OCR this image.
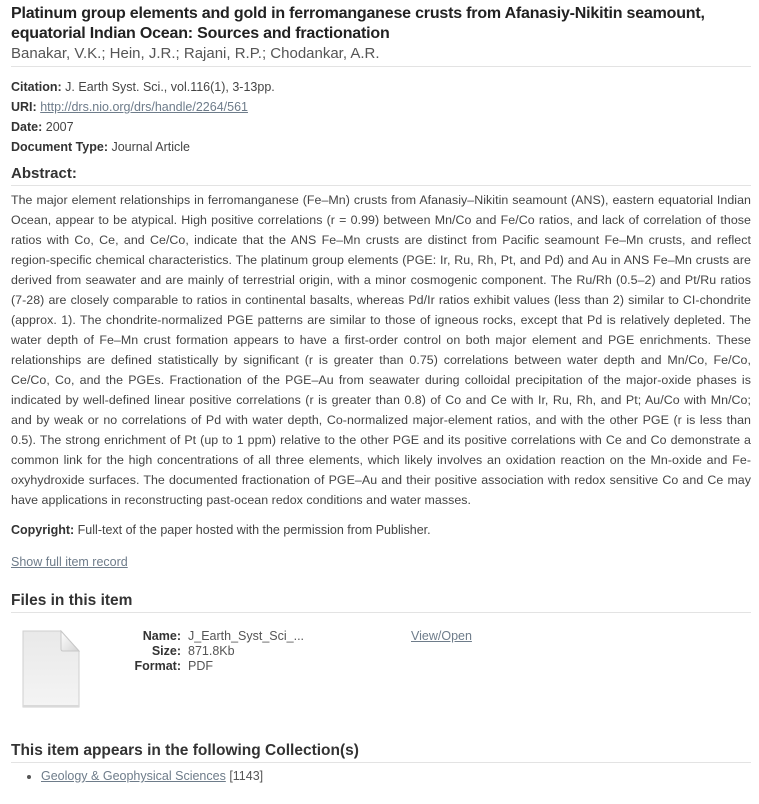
Platinum group elements and gold in ferromanganese crusts from Afanasiy-Nikitin seamount, equatorial Indian Ocean: Sources and fractionation
Banakar, V.K.; Hein, J.R.; Rajani, R.P.; Chodankar, A.R.
Citation: J. Earth Syst. Sci., vol.116(1), 3-13pp.
URI: http://drs.nio.org/drs/handle/2264/561
Date: 2007
Document Type: Journal Article
Abstract:
The major element relationships in ferromanganese (Fe–Mn) crusts from Afanasiy–Nikitin seamount (ANS), eastern equatorial Indian Ocean, appear to be atypical. High positive correlations (r = 0.99) between Mn/Co and Fe/Co ratios, and lack of correlation of those ratios with Co, Ce, and Ce/Co, indicate that the ANS Fe–Mn crusts are distinct from Pacific seamount Fe–Mn crusts, and reflect region-specific chemical characteristics. The platinum group elements (PGE: Ir, Ru, Rh, Pt, and Pd) and Au in ANS Fe–Mn crusts are derived from seawater and are mainly of terrestrial origin, with a minor cosmogenic component. The Ru/Rh (0.5–2) and Pt/Ru ratios (7-28) are closely comparable to ratios in continental basalts, whereas Pd/Ir ratios exhibit values (less than 2) similar to CI-chondrite (approx. 1). The chondrite-normalized PGE patterns are similar to those of igneous rocks, except that Pd is relatively depleted. The water depth of Fe–Mn crust formation appears to have a first-order control on both major element and PGE enrichments. These relationships are defined statistically by significant (r is greater than 0.75) correlations between water depth and Mn/Co, Fe/Co, Ce/Co, Co, and the PGEs. Fractionation of the PGE–Au from seawater during colloidal precipitation of the major-oxide phases is indicated by well-defined linear positive correlations (r is greater than 0.8) of Co and Ce with Ir, Ru, Rh, and Pt; Au/Co with Mn/Co; and by weak or no correlations of Pd with water depth, Co-normalized major-element ratios, and with the other PGE (r is less than 0.5). The strong enrichment of Pt (up to 1 ppm) relative to the other PGE and its positive correlations with Ce and Co demonstrate a common link for the high concentrations of all three elements, which likely involves an oxidation reaction on the Mn-oxide and Fe-oxyhydroxide surfaces. The documented fractionation of PGE–Au and their positive association with redox sensitive Co and Ce may have applications in reconstructing past-ocean redox conditions and water masses.
Copyright: Full-text of the paper hosted with the permission from Publisher.
Show full item record
Files in this item
Name: J_Earth_Syst_Sci_...
Size: 871.8Kb
Format: PDF
View/Open
This item appears in the following Collection(s)
• Geology & Geophysical Sciences [1143]
